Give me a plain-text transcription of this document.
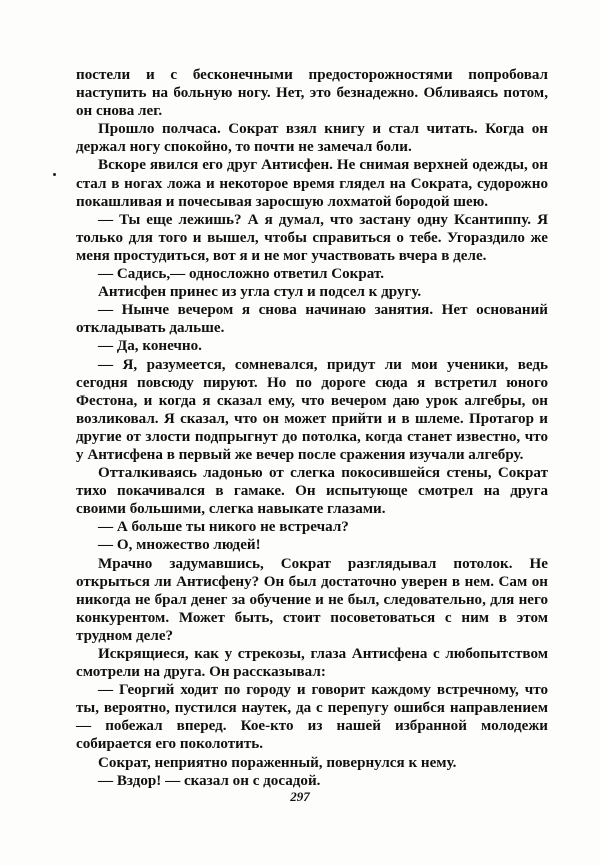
постели и с бесконечными предосторожностями попробовал наступить на больную ногу. Нет, это безнадежно. Обливаясь потом, он снова лег.

Прошло полчаса. Сократ взял книгу и стал читать. Когда он держал ногу спокойно, то почти не замечал боли.

Вскоре явился его друг Антисфен. Не снимая верхней одежды, он стал в ногах ложа и некоторое время глядел на Сократа, судорожно покашливая и почесывая заросшую лохматой бородой шею.

— Ты еще лежишь? А я думал, что застану одну Ксантиппу. Я только для того и вышел, чтобы справиться о тебе. Угораздило же меня простудиться, вот я и не мог участвовать вчера в деле.

— Садись,— односложно ответил Сократ.

Антисфен принес из угла стул и подсел к другу.

— Нынче вечером я снова начинаю занятия. Нет оснований откладывать дальше.

— Да, конечно.

— Я, разумеется, сомневался, придут ли мои ученики, ведь сегодня повсюду пируют. Но по дороге сюда я встретил юного Фестона, и когда я сказал ему, что вечером даю урок алгебры, он возликовал. Я сказал, что он может прийти и в шлеме. Протагор и другие от злости подпрыгнут до потолка, когда станет известно, что у Антисфена в первый же вечер после сражения изучали алгебру.

Отталкиваясь ладонью от слегка покосившейся стены, Сократ тихо покачивался в гамаке. Он испытующе смотрел на друга своими большими, слегка навыкате глазами.

— А больше ты никого не встречал?

— О, множество людей!

Мрачно задумавшись, Сократ разглядывал потолок. Не открыться ли Антисфену? Он был достаточно уверен в нем. Сам он никогда не брал денег за обучение и не был, следовательно, для него конкурентом. Может быть, стоит посоветоваться с ним в этом трудном деле?

Искрящиеся, как у стрекозы, глаза Антисфена с любопытством смотрели на друга. Он рассказывал:

— Георгий ходит по городу и говорит каждому встречному, что ты, вероятно, пустился наутек, да с перепугу ошибся направлением — побежал вперед. Кое-кто из нашей избранной молодежи собирается его поколотить.

Сократ, неприятно пораженный, повернулся к нему.

— Вздор! — сказал он с досадой.

297
